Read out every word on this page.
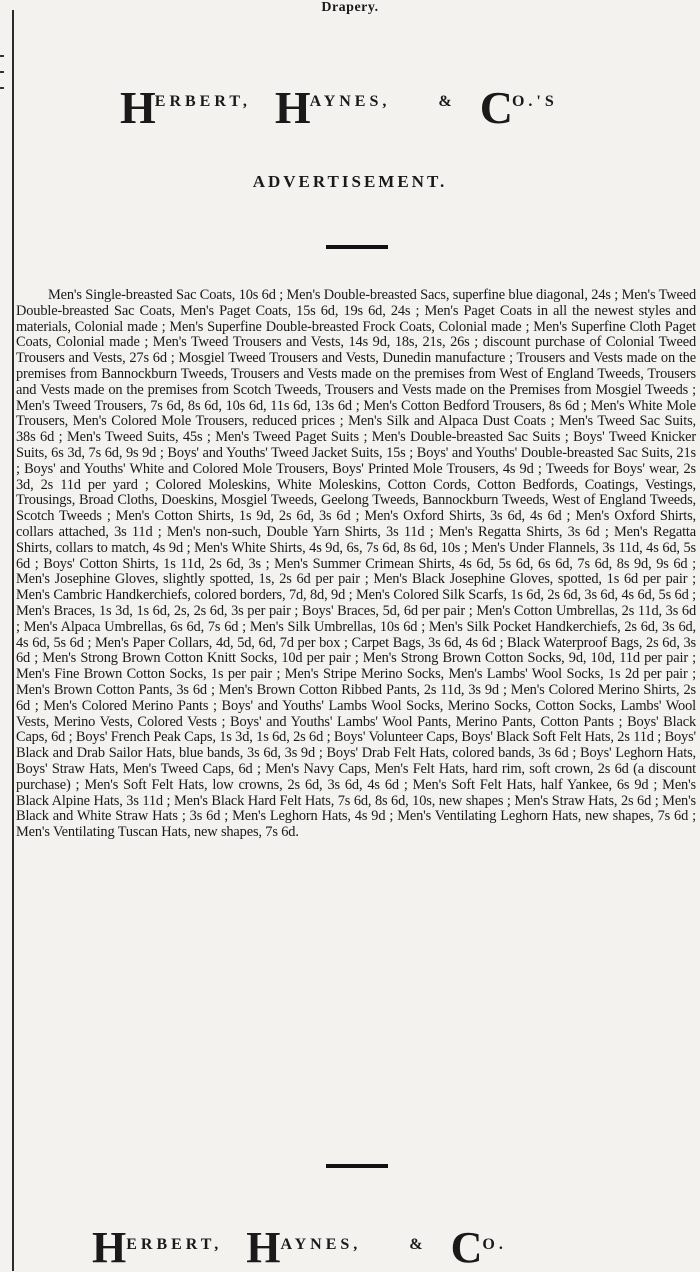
Drapery.
HERBERT, HAYNES,	& CO.'S
ADVERTISEMENT.
Men's Single-breasted Sac Coats, 10s 6d ; Men's Double-breasted Sacs, superfine blue diagonal, 24s ; Men's Tweed Double-breasted Sac Coats, Men's Paget Coats, 15s 6d, 19s 6d, 24s ; Men's Paget Coats in all the newest styles and materials, Colonial made ; Men's Superfine Double-breasted Frock Coats, Colonial made ; Men's Superfine Cloth Paget Coats, Colonial made ; Men's Tweed Trousers and Vests, 14s 9d, 18s, 21s, 26s ; discount purchase of Colonial Tweed Trousers and Vests, 27s 6d ; Mosgiel Tweed Trousers and Vests, Dunedin manufacture ; Trousers and Vests made on the premises from Bannockburn Tweeds, Trousers and Vests made on the premises from West of England Tweeds, Trousers and Vests made on the premises from Scotch Tweeds, Trousers and Vests made on the Premises from Mosgiel Tweeds ; Men's Tweed Trousers, 7s 6d, 8s 6d, 10s 6d, 11s 6d, 13s 6d ; Men's Cotton Bedford Trousers, 8s 6d ; Men's White Mole Trousers, Men's Colored Mole Trousers, reduced prices ; Men's Silk and Alpaca Dust Coats ; Men's Tweed Sac Suits, 38s 6d ; Men's Tweed Suits, 45s ; Men's Tweed Paget Suits ; Men's Double-breasted Sac Suits ; Boys' Tweed Knicker Suits, 6s 3d, 7s 6d, 9s 9d ; Boys' and Youths' Tweed Jacket Suits, 15s ; Boys' and Youths' Double-breasted Sac Suits, 21s ; Boys' and Youths' White and Colored Mole Trousers, Boys' Printed Mole Trousers, 4s 9d ; Tweeds for Boys' wear, 2s 3d, 2s 11d per yard ; Colored Moleskins, White Moleskins, Cotton Cords, Cotton Bedfords, Coatings, Vestings, Trousings, Broad Cloths, Doeskins, Mosgiel Tweeds, Geelong Tweeds, Bannockburn Tweeds, West of England Tweeds, Scotch Tweeds ; Men's Cotton Shirts, 1s 9d, 2s 6d, 3s 6d ; Men's Oxford Shirts, 3s 6d, 4s 6d ; Men's Oxford Shirts, collars attached, 3s 11d ; Men's non-such, Double Yarn Shirts, 3s 11d ; Men's Regatta Shirts, 3s 6d ; Men's Regatta Shirts, collars to match, 4s 9d ; Men's White Shirts, 4s 9d, 6s, 7s 6d, 8s 6d, 10s ; Men's Under Flannels, 3s 11d, 4s 6d, 5s 6d ; Boys' Cotton Shirts, 1s 11d, 2s 6d, 3s ; Men's Summer Crimean Shirts, 4s 6d, 5s 6d, 6s 6d, 7s 6d, 8s 9d, 9s 6d ; Men's Josephine Gloves, slightly spotted, 1s, 2s 6d per pair ; Men's Black Josephine Gloves, spotted, 1s 6d per pair ; Men's Cambric Handkerchiefs, colored borders, 7d, 8d, 9d ; Men's Colored Silk Scarfs, 1s 6d, 2s 6d, 3s 6d, 4s 6d, 5s 6d ; Men's Braces, 1s 3d, 1s 6d, 2s, 2s 6d, 3s per pair ; Boys' Braces, 5d, 6d per pair ; Men's Cotton Umbrellas, 2s 11d, 3s 6d ; Men's Alpaca Umbrellas, 6s 6d, 7s 6d ; Men's Silk Umbrellas, 10s 6d ; Men's Silk Pocket Handkerchiefs, 2s 6d, 3s 6d, 4s 6d, 5s 6d ; Men's Paper Collars, 4d, 5d, 6d, 7d per box ; Carpet Bags, 3s 6d, 4s 6d ; Black Waterproof Bags, 2s 6d, 3s 6d ; Men's Strong Brown Cotton Knitt Socks, 10d per pair ; Men's Strong Brown Cotton Socks, 9d, 10d, 11d per pair ; Men's Fine Brown Cotton Socks, 1s per pair ; Men's Stripe Merino Socks, Men's Lambs' Wool Socks, 1s 2d per pair ; Men's Brown Cotton Pants, 3s 6d ; Men's Brown Cotton Ribbed Pants, 2s 11d, 3s 9d ; Men's Colored Merino Shirts, 2s 6d ; Men's Colored Merino Pants ; Boys' and Youths' Lambs Wool Socks, Merino Socks, Cotton Socks, Lambs' Wool Vests, Merino Vests, Colored Vests ; Boys' and Youths' Lambs' Wool Pants, Merino Pants, Cotton Pants ; Boys' Black Caps, 6d ; Boys' French Peak Caps, 1s 3d, 1s 6d, 2s 6d ; Boys' Volunteer Caps, Boys' Black Soft Felt Hats, 2s 11d ; Boys' Black and Drab Sailor Hats, blue bands, 3s 6d, 3s 9d ; Boys' Drab Felt Hats, colored bands, 3s 6d ; Boys' Leghorn Hats, Boys' Straw Hats, Men's Tweed Caps, 6d ; Men's Navy Caps, Men's Felt Hats, hard rim, soft crown, 2s 6d (a discount purchase) ; Men's Soft Felt Hats, low crowns, 2s 6d, 3s 6d, 4s 6d ; Men's Soft Felt Hats, half Yankee, 6s 9d ; Men's Black Alpine Hats, 3s 11d ; Men's Black Hard Felt Hats, 7s 6d, 8s 6d, 10s, new shapes ; Men's Straw Hats, 2s 6d ; Men's Black and White Straw Hats ; 3s 6d ; Men's Leghorn Hats, 4s 9d ; Men's Ventilating Leghorn Hats, new shapes, 7s 6d ; Men's Ventilating Tuscan Hats, new shapes, 7s 6d.
HERBERT, HAYNES,	& CO.
